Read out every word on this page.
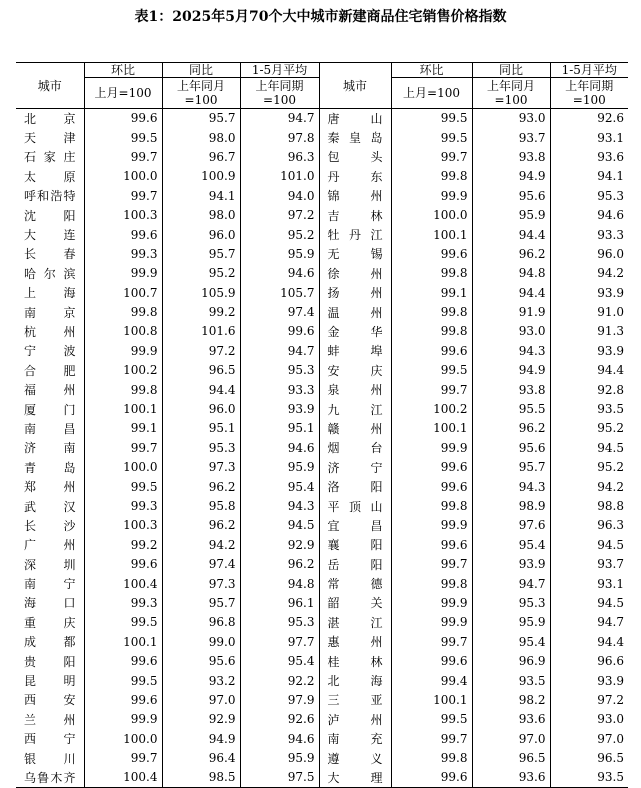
表1：2025年5月70个大中城市新建商品住宅销售价格指数
城市	环比	同比	1-5月平均	城市	环比	同比	1-5月平均
	上月=100	上年同月=100	上年同期=100		上月=100	上年同月=100	上年同期=100
北　京	99.6	95.7	94.7	唐　山	99.5	93.0	92.6
天　津	99.5	98.0	97.8	秦皇岛	99.5	93.7	93.1
石家庄	99.7	96.7	96.3	包　头	99.7	93.8	93.6
太　原	100.0	100.9	101.0	丹　东	99.8	94.9	94.1
呼和浩特	99.7	94.1	94.0	锦　州	99.9	95.6	95.3
沈　阳	100.3	98.0	97.2	吉　林	100.0	95.9	94.6
大　连	99.6	96.0	95.2	牡丹江	100.1	94.4	93.3
长　春	99.3	95.7	95.9	无　锡	99.6	96.2	96.0
哈尔滨	99.9	95.2	94.6	徐　州	99.8	94.8	94.2
上　海	100.7	105.9	105.7	扬　州	99.1	94.4	93.9
南　京	99.8	99.2	97.4	温　州	99.8	91.9	91.0
杭　州	100.8	101.6	99.6	金　华	99.8	93.0	91.3
宁　波	99.9	97.2	94.7	蚌　埠	99.6	94.3	93.9
合　肥	100.2	96.5	95.3	安　庆	99.5	94.9	94.4
福　州	99.8	94.4	93.3	泉　州	99.7	93.8	92.8
厦　门	100.1	96.0	93.9	九　江	100.2	95.5	93.5
南　昌	99.1	95.1	95.1	赣　州	100.1	96.2	95.2
济　南	99.7	95.3	94.6	烟　台	99.9	95.6	94.5
青　岛	100.0	97.3	95.9	济　宁	99.6	95.7	95.2
郑　州	99.5	96.2	95.4	洛　阳	99.6	94.3	94.2
武　汉	99.3	95.8	94.3	平顶山	99.8	98.9	98.8
长　沙	100.3	96.2	94.5	宜　昌	99.9	97.6	96.3
广　州	99.2	94.2	92.9	襄　阳	99.6	95.4	94.5
深　圳	99.6	97.4	96.2	岳　阳	99.7	93.9	93.7
南　宁	100.4	97.3	94.8	常　德	99.8	94.7	93.1
海　口	99.3	95.7	96.1	韶　关	99.9	95.3	94.5
重　庆	99.5	96.8	95.3	湛　江	99.9	95.9	94.7
成　都	100.1	99.0	97.7	惠　州	99.7	95.4	94.4
贵　阳	99.6	95.6	95.4	桂　林	99.6	96.9	96.6
昆　明	99.5	93.2	92.2	北　海	99.4	93.5	93.9
西　安	99.6	97.0	97.9	三　亚	100.1	98.2	97.2
兰　州	99.9	92.9	92.6	泸　州	99.5	93.6	93.0
西　宁	100.0	94.9	94.6	南　充	99.7	97.0	97.0
银　川	99.7	96.4	95.9	遵　义	99.8	96.5	96.5
乌鲁木齐	100.4	98.5	97.5	大　理	99.6	93.6	93.5
